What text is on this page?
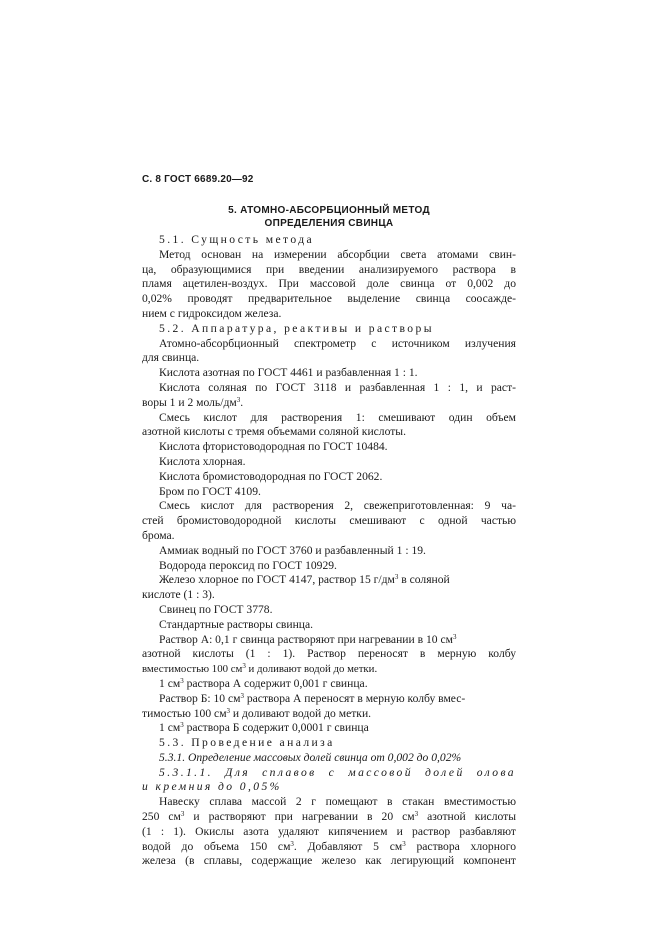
С. 8 ГОСТ 6689.20—92
5. АТОМНО-АБСОРБЦИОННЫЙ МЕТОД
ОПРЕДЕЛЕНИЯ СВИНЦА
5.1. Сущность метода
Метод основан на измерении абсорбции света атомами свин-
ца, образующимися при введении анализируемого раствора в
пламя ацетилен-воздух. При массовой доле свинца от 0,002 до
0,02% проводят предварительное выделение свинца соосажде-
нием с гидроксидом железа.
5.2. Аппаратура, реактивы и растворы
Атомно-абсорбционный спектрометр с источником излучения
для свинца.
Кислота азотная по ГОСТ 4461 и разбавленная 1 : 1.
Кислота соляная по ГОСТ 3118 и разбавленная 1 : 1, и раст-
воры 1 и 2 моль/$дм^3$.
Смесь кислот для растворения 1: смешивают один объем
азотной кислоты с тремя объемами соляной кислоты.
Кислота фтористоводородная по ГОСТ 10484.
Кислота хлорная.
Кислота бромистоводородная по ГОСТ 2062.
Бром по ГОСТ 4109.
Смесь кислот для растворения 2, свежеприготовленная: 9 ча-
стей бромистоводородной кислоты смешивают с одной частью
брома.
Аммиак водный по ГОСТ 3760 и разбавленный 1 : 19.
Водорода пероксид по ГОСТ 10929.
Железо хлорное по ГОСТ 4147, раствор 15 $г/дм^3$ в соляной
кислоте (1 : 3).
Свинец по ГОСТ 3778.
Стандартные растворы свинца.
Раствор А: 0,1 г свинца растворяют при нагревании в 10 $см^3$
азотной кислоты (1 : 1). Раствор переносят в мерную колбу
вместимостью 100 $см^3$ и доливают водой до метки.
1 $см^3$ раствора А содержит 0,001 г свинца.
Раствор Б: 10 $см^3$ раствора А переносят в мерную колбу вмес-
тимостью 100 $см^3$ и доливают водой до метки.
1 $см^3$ раствора Б содержит 0,0001 г свинца
5.3. Проведение анализа
5.3.1. Определение массовых долей свинца от 0,002 до 0,02%
5.3.1.1. Для сплавов с массовой долей олова
и кремния до 0,05%
Навеску сплава массой 2 г помещают в стакан вместимостью
250 $см^3$ и растворяют при нагревании в 20 $см^3$ азотной кислоты
(1 : 1). Окислы азота удаляют кипячением и раствор разбавляют
водой до объема 150 $см^3$. Добавляют 5 $см^3$ раствора хлорного
железа (в сплавы, содержащие железо как легирующий компонент
